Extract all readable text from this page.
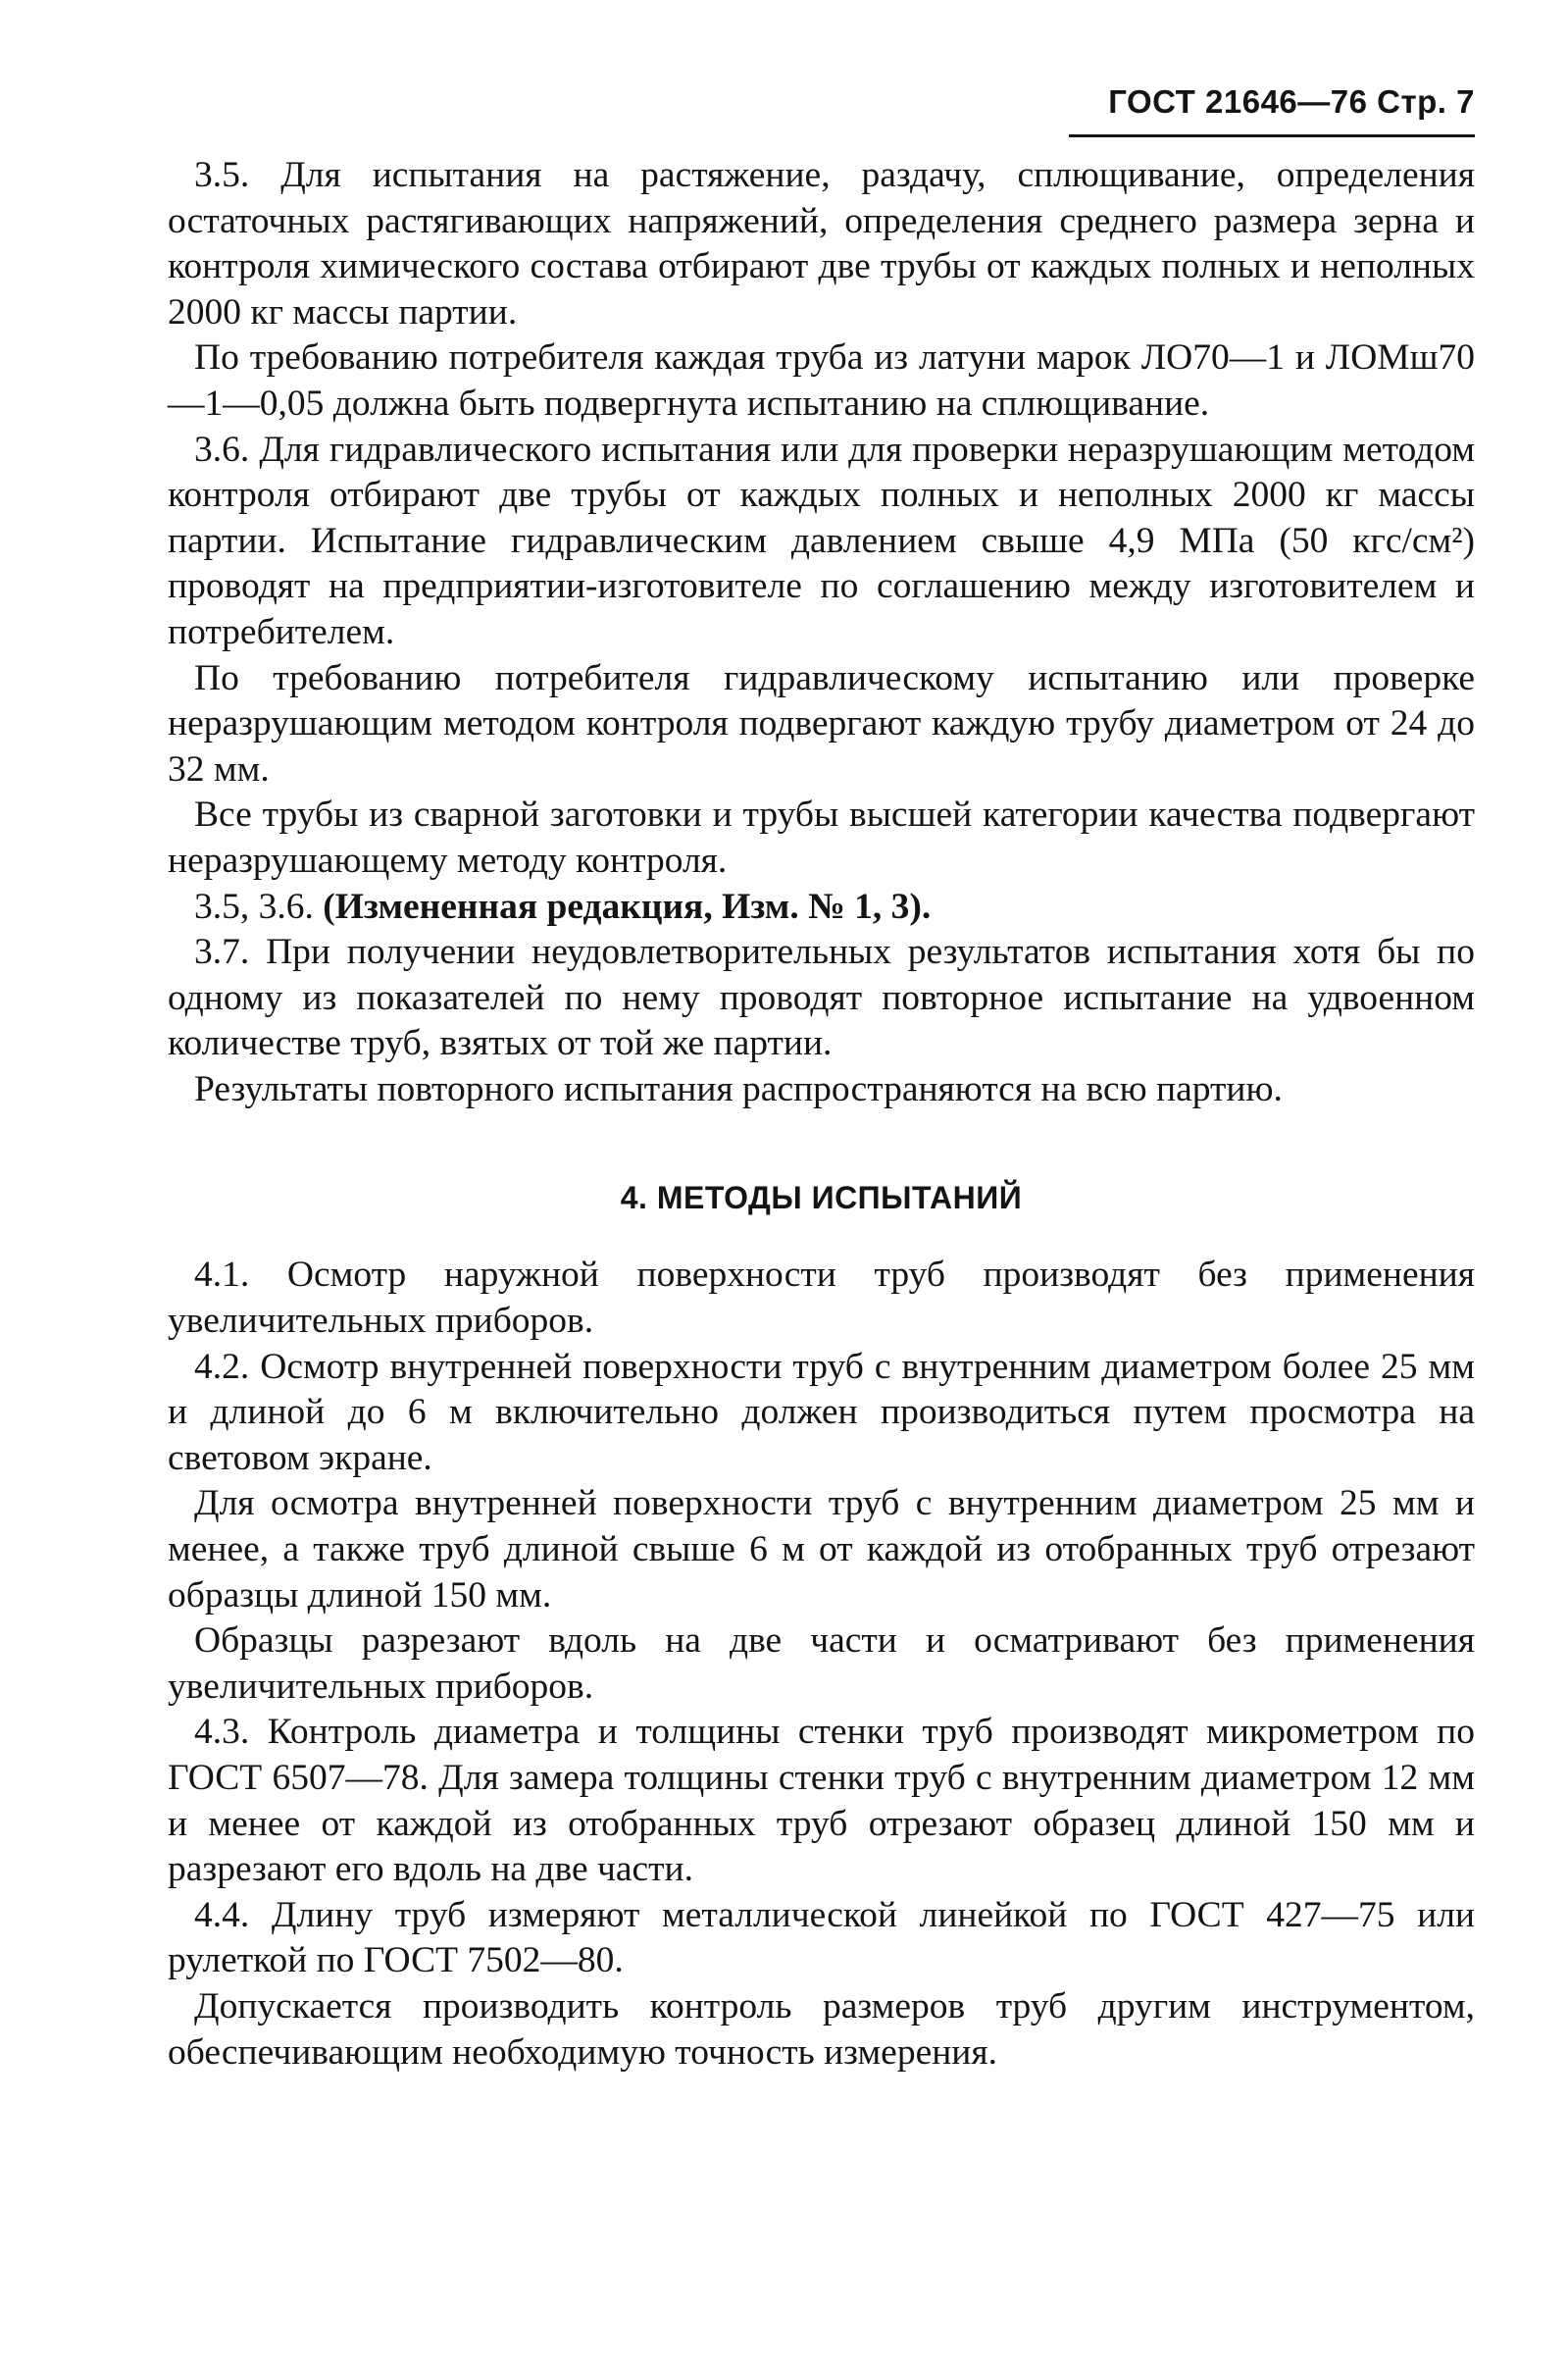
ГОСТ 21646—76 Стр. 7

3.5. Для испытания на растяжение, раздачу, сплющивание, определения остаточных растягивающих напряжений, определения среднего размера зерна и контроля химического состава отбирают две трубы от каждых полных и неполных 2000 кг массы партии.

По требованию потребителя каждая труба из латуни марок ЛО70—1 и ЛОМш70—1—0,05 должна быть подвергнута испытанию на сплющивание.

3.6. Для гидравлического испытания или для проверки неразрушающим методом контроля отбирают две трубы от каждых полных и неполных 2000 кг массы партии. Испытание гидравлическим давлением свыше 4,9 МПа (50 кгс/см²) проводят на предприятии-изготовителе по соглашению между изготовителем и потребителем.

По требованию потребителя гидравлическому испытанию или проверке неразрушающим методом контроля подвергают каждую трубу диаметром от 24 до 32 мм.

Все трубы из сварной заготовки и трубы высшей категории качества подвергают неразрушающему методу контроля.

3.5, 3.6. (Измененная редакция, Изм. № 1, 3).

3.7. При получении неудовлетворительных результатов испытания хотя бы по одному из показателей по нему проводят повторное испытание на удвоенном количестве труб, взятых от той же партии.

Результаты повторного испытания распространяются на всю партию.

4. МЕТОДЫ ИСПЫТАНИЙ

4.1. Осмотр наружной поверхности труб производят без применения увеличительных приборов.

4.2. Осмотр внутренней поверхности труб с внутренним диаметром более 25 мм и длиной до 6 м включительно должен производиться путем просмотра на световом экране.

Для осмотра внутренней поверхности труб с внутренним диаметром 25 мм и менее, а также труб длиной свыше 6 м от каждой из отобранных труб отрезают образцы длиной 150 мм.

Образцы разрезают вдоль на две части и осматривают без применения увеличительных приборов.

4.3. Контроль диаметра и толщины стенки труб производят микрометром по ГОСТ 6507—78. Для замера толщины стенки труб с внутренним диаметром 12 мм и менее от каждой из отобранных труб отрезают образец длиной 150 мм и разрезают его вдоль на две части.

4.4. Длину труб измеряют металлической линейкой по ГОСТ 427—75 или рулеткой по ГОСТ 7502—80.

Допускается производить контроль размеров труб другим инструментом, обеспечивающим необходимую точность измерения.
